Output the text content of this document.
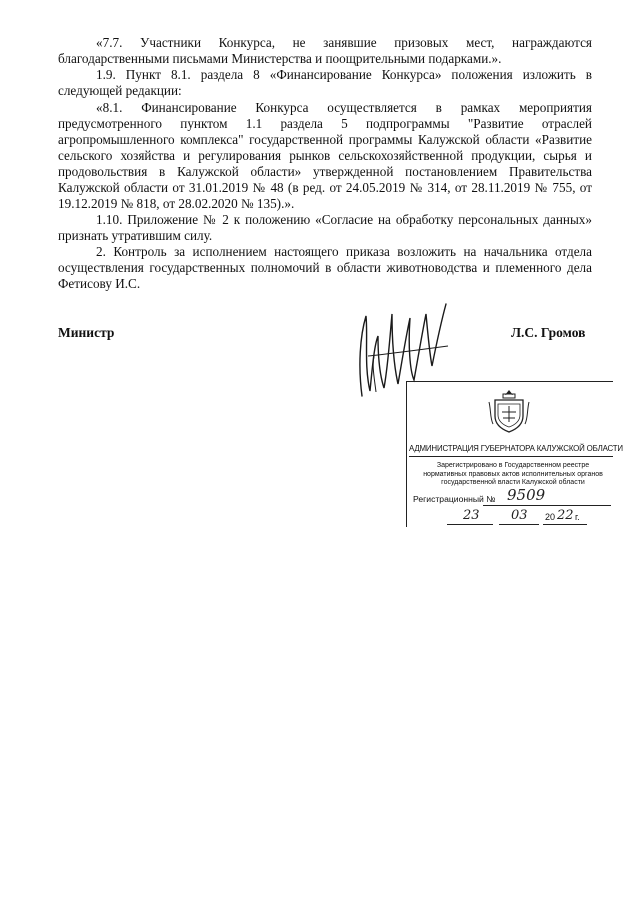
«7.7. Участники Конкурса, не занявшие призовых мест, награждаются благодарственными письмами Министерства и поощрительными подарками.».

1.9. Пункт 8.1. раздела 8 «Финансирование Конкурса» положения изложить в следующей редакции:

«8.1. Финансирование Конкурса осуществляется в рамках мероприятия предусмотренного пунктом 1.1 раздела 5 подпрограммы "Развитие отраслей агропромышленного комплекса" государственной программы Калужской области «Развитие сельского хозяйства и регулирования рынков сельскохозяйственной продукции, сырья и продовольствия в Калужской области» утвержденной постановлением Правительства Калужской области от 31.01.2019 № 48 (в ред. от 24.05.2019 № 314, от 28.11.2019 № 755, от 19.12.2019 № 818, от 28.02.2020 № 135).».

1.10. Приложение № 2 к положению «Согласие на обработку персональных данных» признать утратившим силу.

2. Контроль за исполнением настоящего приказа возложить на начальника отдела осуществления государственных полномочий в области животноводства и племенного дела Фетисову И.С.

Министр	Л.С. Громов
АДМИНИСТРАЦИЯ ГУБЕРНАТОРА КАЛУЖСКОЙ ОБЛАСТИ
Зарегистрировано в Государственном реестре нормативных правовых актов исполнительных органов государственной власти Калужской области
Регистрационный № 9509
23 03 20 22 г.
